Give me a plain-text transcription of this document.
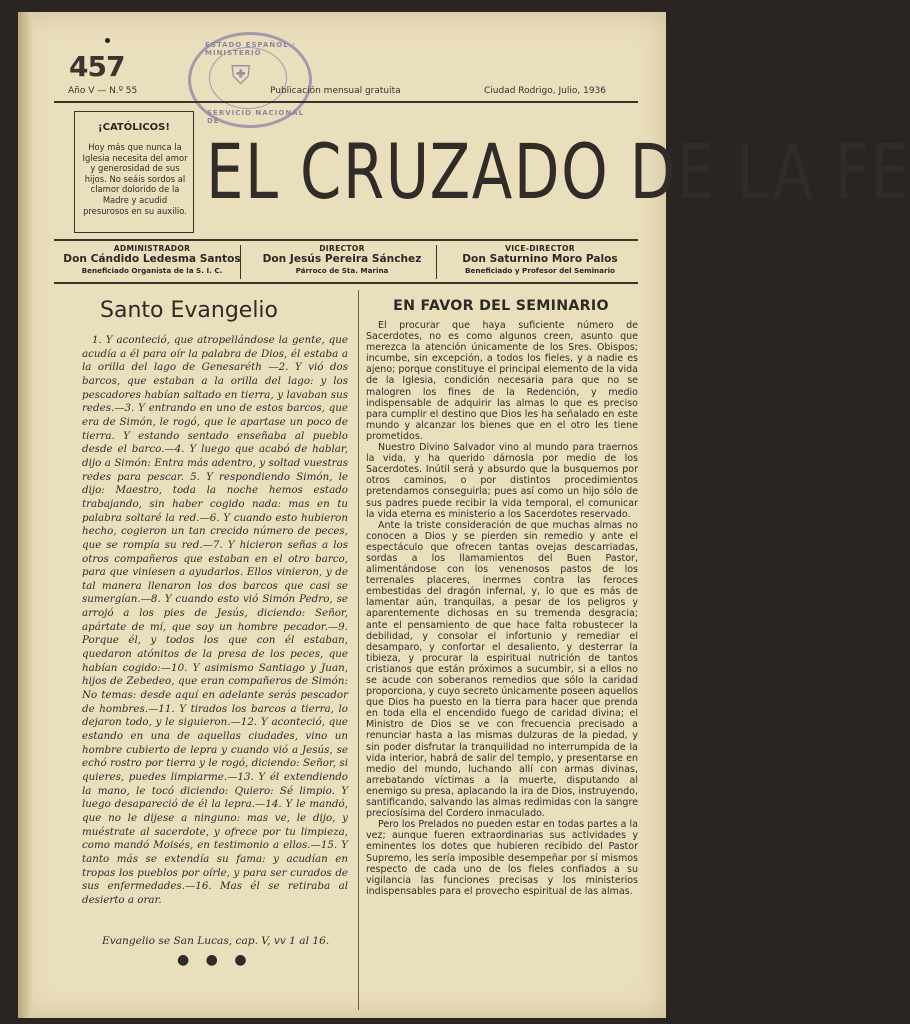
457	⛨
ESTADO ESPAÑOL · MINISTERIO
SERVICIO NACIONAL DE
Año V — N.º 55	Publicación mensual gratuita	Ciudad Rodrigo, Julio, 1936
¡CATÓLICOS!
Hoy más que nunca la Iglesia necesita del amor y generosidad de sus hijos. No seáis sordos al clamor dolorido de la Madre y acudid presurosos en su auxilio. EL CRUZADO DE LA FE
ADMINISTRADOR
Don Cándido Ledesma Santos
Beneficiado Organista de la S. I. C.
DIRECTOR
Don Jesús Pereira Sánchez
Párroco de Sta. Marina
VICE-DIRECTOR
Don Saturnino Moro Palos
Beneficiado y Profesor del Seminario
Santo Evangelio

1. Y aconteció, que atropellándose la gente, que acudía a él para oír la palabra de Dios, él estaba a la orilla del lago de Genesaréth —2. Y vió dos barcos, que estaban a la orilla del lago: y los pescadores habían saltado en tierra, y lavaban sus redes.—3. Y entrando en uno de estos barcos, que era de Simón, le rogó, que le apartase un poco de tierra. Y estando sentado enseñaba al pueblo desde el barco.—4. Y luego que acabó de hablar, dijo a Simón: Entra más adentro, y soltad vuestras redes para pescar. 5. Y respondiendo Simón, le dijo: Maestro, toda la noche hemos estado trabajando, sin haber cogido nada: mas en tu palabra soltaré la red.—6. Y cuando esto hubieron hecho, cogieron un tan crecido número de peces, que se rompía su red.—7. Y hicieron señas a los otros compañeros que estaban en el otro barco, para que viniesen a ayudarlos. Ellos vinieron, y de tal manera llenaron los dos barcos que casi se sumergían.—8. Y cuando esto vió Simón Pedro, se arrojó a los pies de Jesús, diciendo: Señor, apártate de mí, que soy un hombre pecador.—9. Porque él, y todos los que con él estaban, quedaron atónitos de la presa de los peces, que habían cogido:—10. Y asimismo Santiago y Juan, hijos de Zebedeo, que eran compañeros de Simón: No temas: desde aquí en adelante serás pescador de hombres.—11. Y tirados los barcos a tierra, lo dejaron todo, y le siguieron.—12. Y aconteció, que estando en una de aquellas ciudades, vino un hombre cubierto de lepra y cuando vió a Jesús, se echó rostro por tierra y le rogó, diciendo: Señor, si quieres, puedes limpiarme.—13. Y él extendiendo la mano, le tocó diciendo: Quiero: Sé limpio. Y luego desapareció de él la lepra.—14. Y le mandó, que no le dijese a ninguno: mas ve, le dijo, y muéstrate al sacerdote, y ofrece por tu limpieza, como mandó Moisés, en testimonio a ellos.—15. Y tanto más se extendía su fama: y acudían en tropas los pueblos por oírle, y para ser curados de sus enfermedades.—16. Mas él se retiraba al desierto a orar.

Evangelio se San Lucas, cap. V, vv 1 al 16.
● ● ●
EN FAVOR DEL SEMINARIO

El procurar que haya suficiente número de Sacerdotes, no es como algunos creen, asunto que merezca la atención únicamente de los Sres. Obispos; incumbe, sin excepción, a todos los fieles, y a nadie es ajeno; porque constituye el principal elemento de la vida de la Iglesia, condición necesaria para que no se malogren los fines de la Redención, y medio indispensable de adquirir las almas lo que es preciso para cumplir el destino que Dios les ha señalado en este mundo y alcanzar los bienes que en el otro les tiene prometidos.

Nuestro Divino Salvador vino al mundo para traernos la vida, y ha querido dárnosla por medio de los Sacerdotes. Inútil será y absurdo que la busquemos por otros caminos, o por distintos procedimientos pretendamos conseguirla; pues así como un hijo sólo de sus padres puede recibir la vida temporal, el comunicar la vida eterna es ministerio a los Sacerdotes reservado.

Ante la triste consideración de que muchas almas no conocen a Dios y se pierden sin remedio y ante el espectáculo que ofrecen tantas ovejas descarriadas, sordas a los llamamientos del Buen Pastor, alimentándose con los venenosos pastos de los terrenales placeres, inermes contra las feroces embestidas del dragón infernal, y, lo que es más de lamentar aún, tranquilas, a pesar de los peligros y aparentemente dichosas en su tremenda desgracia; ante el pensamiento de que hace falta robustecer la debilidad, y consolar el infortunio y remediar el desamparo, y confortar el desaliento, y desterrar la tibieza, y procurar la espiritual nutrición de tantos cristianos que están próximos a sucumbir, si a ellos no se acude con soberanos remedios que sólo la caridad proporciona, y cuyo secreto únicamente poseen aquellos que Dios ha puesto en la tierra para hacer que prenda en toda ella el encendido fuego de caridad divina; el Ministro de Dios se ve con frecuencia precisado a renunciar hasta a las mismas dulzuras de la piedad, y sin poder disfrutar la tranquilidad no interrumpida de la vida interior, habrá de salir del templo, y presentarse en medio del mundo, luchando allí con armas divinas, arrebatando víctimas a la muerte, disputando al enemigo su presa, aplacando la ira de Dios, instruyendo, santificando, salvando las almas redimidas con la sangre preciosísima del Cordero inmaculado.

Pero los Prelados no pueden estar en todas partes a la vez; aunque fueren extraordinarias sus actividades y eminentes los dotes que hubieren recibido del Pastor Supremo, les sería imposible desempeñar por sí mismos respecto de cada uno de los fieles confiados a su vigilancia las funciones precisas y los ministerios indispensables para el provecho espiritual de las almas.
